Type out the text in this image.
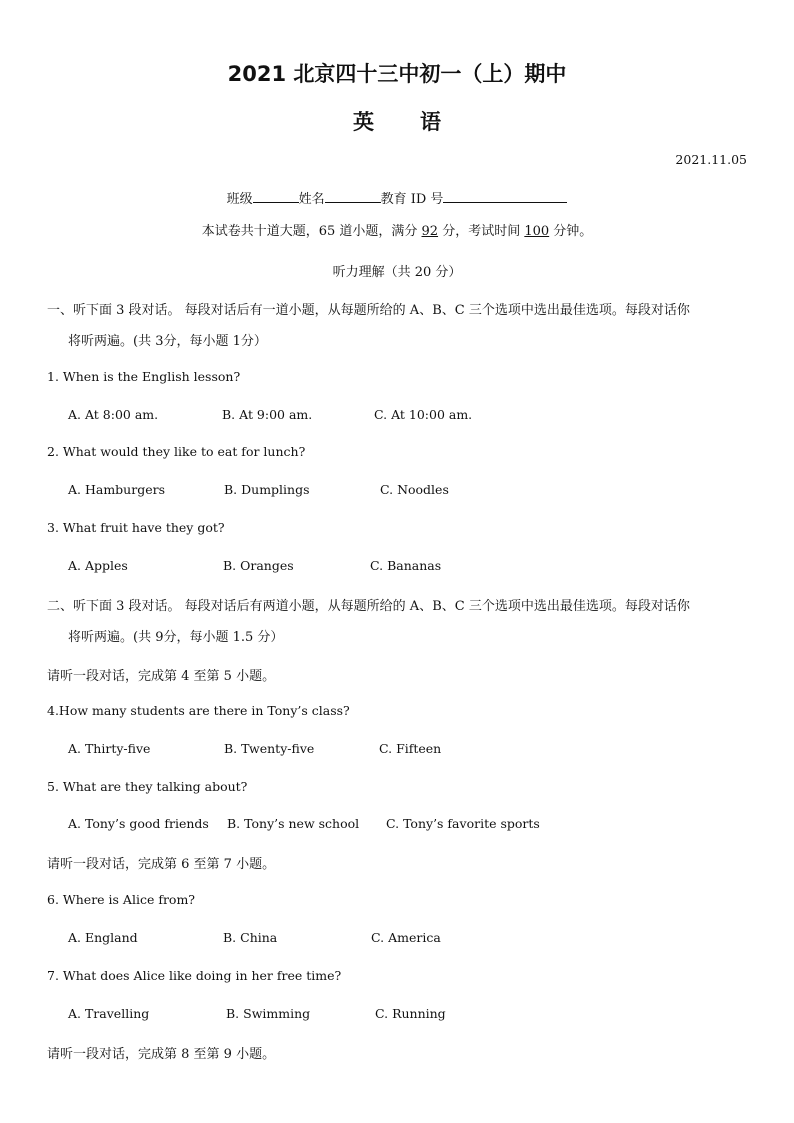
2021 北京四十三中初一（上）期中
英 语
2021.11.05
班级	姓名	教育 ID 号
本试卷共十道大题，65 道小题，满分 92 分，考试时间 100 分钟。
听力理解（共 20 分）
一、听下面 3 段对话。 每段对话后有一道小题，从每题所给的 A、B、C 三个选项中选出最佳选项。每段对话你
将听两遍。(共 3分，每小题 1分）
1. When is the English lesson?
A. At 8:00 am.	B. At 9:00 am.	C. At 10:00 am.
2. What would they like to eat for lunch?
A. Hamburgers	B. Dumplings	C. Noodles
3. What fruit have they got?
A. Apples	B. Oranges	C. Bananas
二、听下面 3 段对话。 每段对话后有两道小题，从每题所给的 A、B、C 三个选项中选出最佳选项。每段对话你
将听两遍。(共 9分，每小题 1.5 分）
请听一段对话，完成第 4 至第 5 小题。
4.How many students are there in Tony’s class?
A. Thirty-five	B. Twenty-five	C. Fifteen
5. What are they talking about?
A. Tony’s good friends B. Tony’s new school C. Tony’s favorite sports
请听一段对话，完成第 6 至第 7 小题。
6. Where is Alice from?
A. England	B. China	C. America
7. What does Alice like doing in her free time?
A. Travelling	B. Swimming	C. Running
请听一段对话，完成第 8 至第 9 小题。
